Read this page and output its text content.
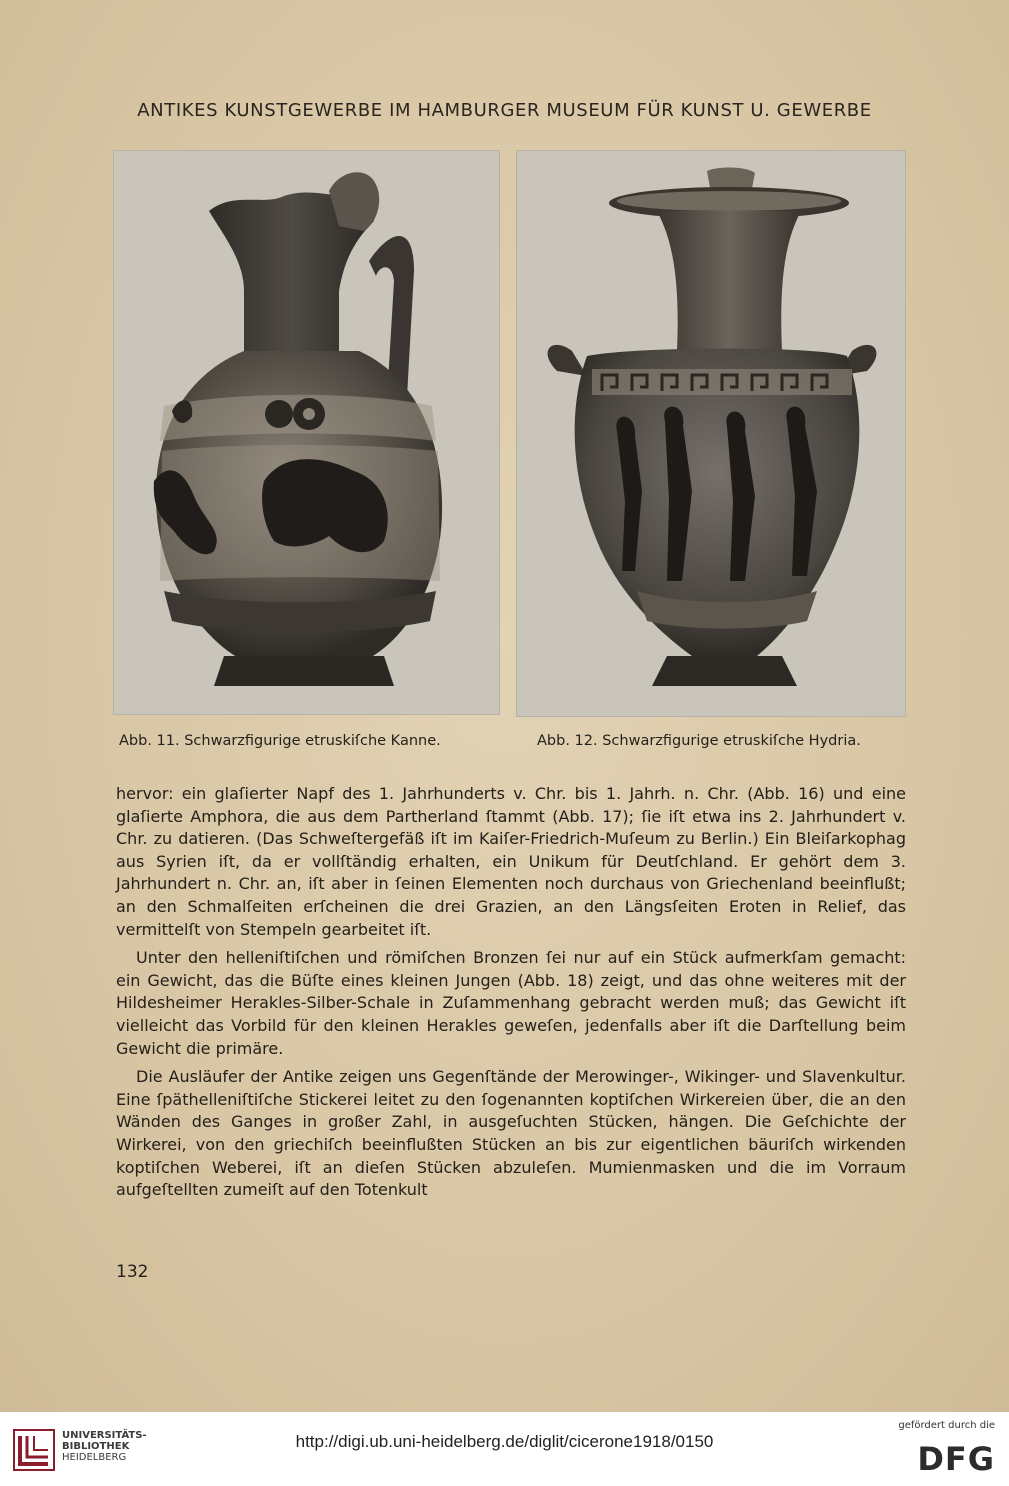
ANTIKES KUNSTGEWERBE IM HAMBURGER MUSEUM FÜR KUNST U. GEWERBE
Abb. 11. Schwarzfigurige etruskiſche Kanne.	Abb. 12. Schwarzfigurige etruskiſche Hydria.

hervor: ein glaſierter Napf des 1. Jahrhunderts v. Chr. bis 1. Jahrh. n. Chr. (Abb. 16) und eine glaſierte Amphora, die aus dem Partherland ſtammt (Abb. 17); ſie iſt etwa ins 2. Jahrhundert v. Chr. zu datieren. (Das Schweſtergefäß iſt im Kaiſer-Friedrich-Muſeum zu Berlin.) Ein Bleiſarkophag aus Syrien iſt, da er vollſtändig erhalten, ein Unikum für Deutſchland. Er gehört dem 3. Jahrhundert n. Chr. an, iſt aber in ſeinen Elementen noch durchaus von Griechenland beeinflußt; an den Schmalſeiten erſcheinen die drei Grazien, an den Längsſeiten Eroten in Relief, das vermittelſt von Stempeln gearbeitet iſt.

Unter den helleniſtiſchen und römiſchen Bronzen ſei nur auf ein Stück aufmerkſam gemacht: ein Gewicht, das die Büſte eines kleinen Jungen (Abb. 18) zeigt, und das ohne weiteres mit der Hildesheimer Herakles-Silber-Schale in Zuſammenhang gebracht werden muß; das Gewicht iſt vielleicht das Vorbild für den kleinen Herakles geweſen, jedenfalls aber iſt die Darſtellung beim Gewicht die primäre.

Die Ausläufer der Antike zeigen uns Gegenſtände der Merowinger-, Wikinger- und Slavenkultur. Eine ſpäthelleniſtiſche Stickerei leitet zu den ſogenannten koptiſchen Wirkereien über, die an den Wänden des Ganges in großer Zahl, in ausgeſuchten Stücken, hängen. Die Geſchichte der Wirkerei, von den griechiſch beeinflußten Stücken an bis zur eigentlichen bäuriſch wirkenden koptiſchen Weberei, iſt an dieſen Stücken abzuleſen. Mumienmasken und die im Vorraum aufgeſtellten zumeiſt auf den Totenkult

132
UNIVERSITÄTS-
BIBLIOTHEK
HEIDELBERG
http://digi.ub.uni-heidelberg.de/diglit/cicerone1918/0150
gefördert durch die
DFG
